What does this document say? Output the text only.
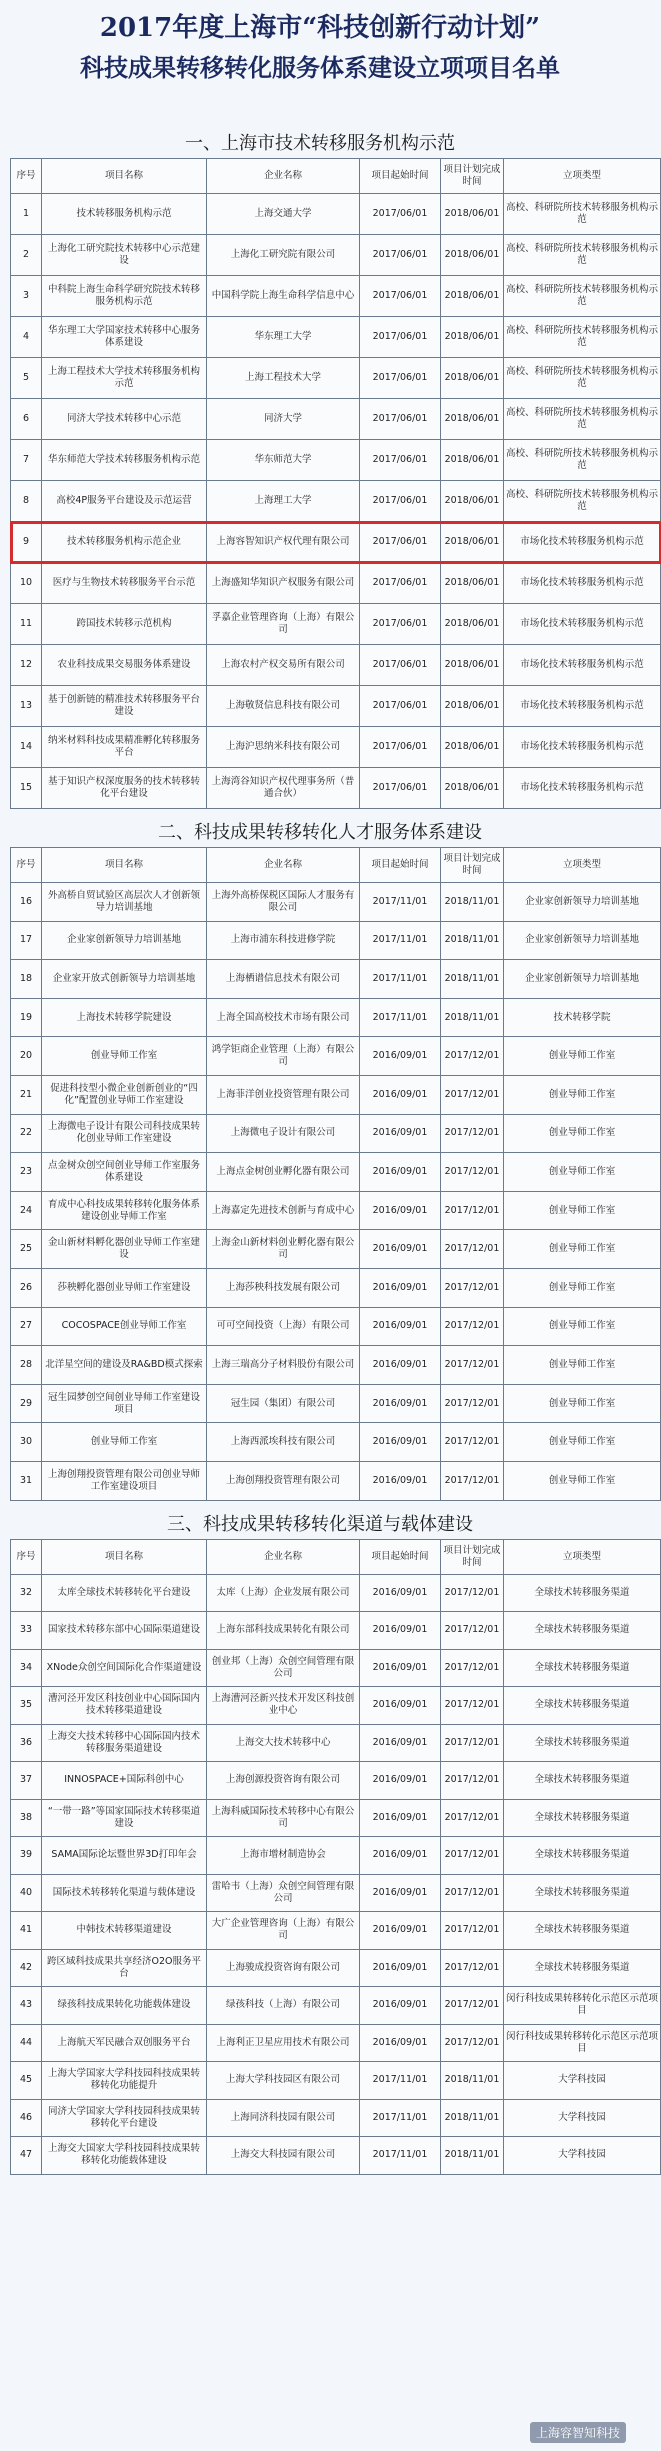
2017年度上海市“科技创新行动计划”
科技成果转移转化服务体系建设立项项目名单
一、上海市技术转移服务机构示范
序号	项目名称	企业名称	项目起始时间	项目计划完成时间	立项类型
1	技术转移服务机构示范	上海交通大学	2017/06/01	2018/06/01	高校、科研院所技术转移服务机构示范
2	上海化工研究院技术转移中心示范建设	上海化工研究院有限公司	2017/06/01	2018/06/01	高校、科研院所技术转移服务机构示范
3	中科院上海生命科学研究院技术转移服务机构示范	中国科学院上海生命科学信息中心	2017/06/01	2018/06/01	高校、科研院所技术转移服务机构示范
4	华东理工大学国家技术转移中心服务体系建设	华东理工大学	2017/06/01	2018/06/01	高校、科研院所技术转移服务机构示范
5	上海工程技术大学技术转移服务机构示范	上海工程技术大学	2017/06/01	2018/06/01	高校、科研院所技术转移服务机构示范
6	同济大学技术转移中心示范	同济大学	2017/06/01	2018/06/01	高校、科研院所技术转移服务机构示范
7	华东师范大学技术转移服务机构示范	华东师范大学	2017/06/01	2018/06/01	高校、科研院所技术转移服务机构示范
8	高校4P服务平台建设及示范运营	上海理工大学	2017/06/01	2018/06/01	高校、科研院所技术转移服务机构示范
9	技术转移服务机构示范企业	上海容智知识产权代理有限公司	2017/06/01	2018/06/01	市场化技术转移服务机构示范
10	医疗与生物技术转移服务平台示范	上海盛知华知识产权服务有限公司	2017/06/01	2018/06/01	市场化技术转移服务机构示范
11	跨国技术转移示范机构	孚嘉企业管理咨询（上海）有限公司	2017/06/01	2018/06/01	市场化技术转移服务机构示范
12	农业科技成果交易服务体系建设	上海农村产权交易所有限公司	2017/06/01	2018/06/01	市场化技术转移服务机构示范
13	基于创新链的精准技术转移服务平台建设	上海敬贤信息科技有限公司	2017/06/01	2018/06/01	市场化技术转移服务机构示范
14	纳米材料科技成果精准孵化转移服务平台	上海沪思纳米科技有限公司	2017/06/01	2018/06/01	市场化技术转移服务机构示范
15	基于知识产权深度服务的技术转移转化平台建设	上海湾谷知识产权代理事务所（普通合伙）	2017/06/01	2018/06/01	市场化技术转移服务机构示范
二、科技成果转移转化人才服务体系建设
序号	项目名称	企业名称	项目起始时间	项目计划完成时间	立项类型
16	外高桥自贸试验区高层次人才创新领导力培训基地	上海外高桥保税区国际人才服务有限公司	2017/11/01	2018/11/01	企业家创新领导力培训基地
17	企业家创新领导力培训基地	上海市浦东科技进修学院	2017/11/01	2018/11/01	企业家创新领导力培训基地
18	企业家开放式创新领导力培训基地	上海栖谱信息技术有限公司	2017/11/01	2018/11/01	企业家创新领导力培训基地
19	上海技术转移学院建设	上海全国高校技术市场有限公司	2017/11/01	2018/11/01	技术转移学院
20	创业导师工作室	鸿学钜商企业管理（上海）有限公司	2016/09/01	2017/12/01	创业导师工作室
21	促进科技型小微企业创新创业的“四化”配置创业导师工作室建设	上海菲洋创业投资管理有限公司	2016/09/01	2017/12/01	创业导师工作室
22	上海微电子设计有限公司科技成果转化创业导师工作室建设	上海微电子设计有限公司	2016/09/01	2017/12/01	创业导师工作室
23	点金树众创空间创业导师工作室服务体系建设	上海点金树创业孵化器有限公司	2016/09/01	2017/12/01	创业导师工作室
24	育成中心科技成果转移转化服务体系建设创业导师工作室	上海嘉定先进技术创新与育成中心	2016/09/01	2017/12/01	创业导师工作室
25	金山新材料孵化器创业导师工作室建设	上海金山新材料创业孵化器有限公司	2016/09/01	2017/12/01	创业导师工作室
26	莎秧孵化器创业导师工作室建设	上海莎秧科技发展有限公司	2016/09/01	2017/12/01	创业导师工作室
27	COCOSPACE创业导师工作室	可可空间投资（上海）有限公司	2016/09/01	2017/12/01	创业导师工作室
28	北洋星空间的建设及RA&BD模式探索	上海三瑞高分子材料股份有限公司	2016/09/01	2017/12/01	创业导师工作室
29	冠生园梦创空间创业导师工作室建设项目	冠生园（集团）有限公司	2016/09/01	2017/12/01	创业导师工作室
30	创业导师工作室	上海西派埃科技有限公司	2016/09/01	2017/12/01	创业导师工作室
31	上海创翔投资管理有限公司创业导师工作室建设项目	上海创翔投资管理有限公司	2016/09/01	2017/12/01	创业导师工作室
三、科技成果转移转化渠道与载体建设
序号	项目名称	企业名称	项目起始时间	项目计划完成时间	立项类型
32	太库全球技术转移转化平台建设	太库（上海）企业发展有限公司	2016/09/01	2017/12/01	全球技术转移服务渠道
33	国家技术转移东部中心国际渠道建设	上海东部科技成果转化有限公司	2016/09/01	2017/12/01	全球技术转移服务渠道
34	XNode众创空间国际化合作渠道建设	创业邦（上海）众创空间管理有限公司	2016/09/01	2017/12/01	全球技术转移服务渠道
35	漕河泾开发区科技创业中心国际国内技术转移渠道建设	上海漕河泾新兴技术开发区科技创业中心	2016/09/01	2017/12/01	全球技术转移服务渠道
36	上海交大技术转移中心国际国内技术转移服务渠道建设	上海交大技术转移中心	2016/09/01	2017/12/01	全球技术转移服务渠道
37	INNOSPACE+国际科创中心	上海创源投资咨询有限公司	2016/09/01	2017/12/01	全球技术转移服务渠道
38	“一带一路”等国家国际技术转移渠道建设	上海科威国际技术转移中心有限公司	2016/09/01	2017/12/01	全球技术转移服务渠道
39	SAMA国际论坛暨世界3D打印年会	上海市增材制造协会	2016/09/01	2017/12/01	全球技术转移服务渠道
40	国际技术转移转化渠道与载体建设	雷哈韦（上海）众创空间管理有限公司	2016/09/01	2017/12/01	全球技术转移服务渠道
41	中韩技术转移渠道建设	大广企业管理咨询（上海）有限公司	2016/09/01	2017/12/01	全球技术转移服务渠道
42	跨区域科技成果共享经济O2O服务平台	上海骏成投资咨询有限公司	2016/09/01	2017/12/01	全球技术转移服务渠道
43	绿孩科技成果转化功能载体建设	绿孩科技（上海）有限公司	2016/09/01	2017/12/01	闵行科技成果转移转化示范区示范项目
44	上海航天军民融合双创服务平台	上海利正卫星应用技术有限公司	2016/09/01	2017/12/01	闵行科技成果转移转化示范区示范项目
45	上海大学国家大学科技园科技成果转移转化功能提升	上海大学科技园区有限公司	2017/11/01	2018/11/01	大学科技园
46	同济大学国家大学科技园科技成果转移转化平台建设	上海同济科技园有限公司	2017/11/01	2018/11/01	大学科技园
47	上海交大国家大学科技园科技成果转移转化功能载体建设	上海交大科技园有限公司	2017/11/01	2018/11/01	大学科技园
上海容智知科技
